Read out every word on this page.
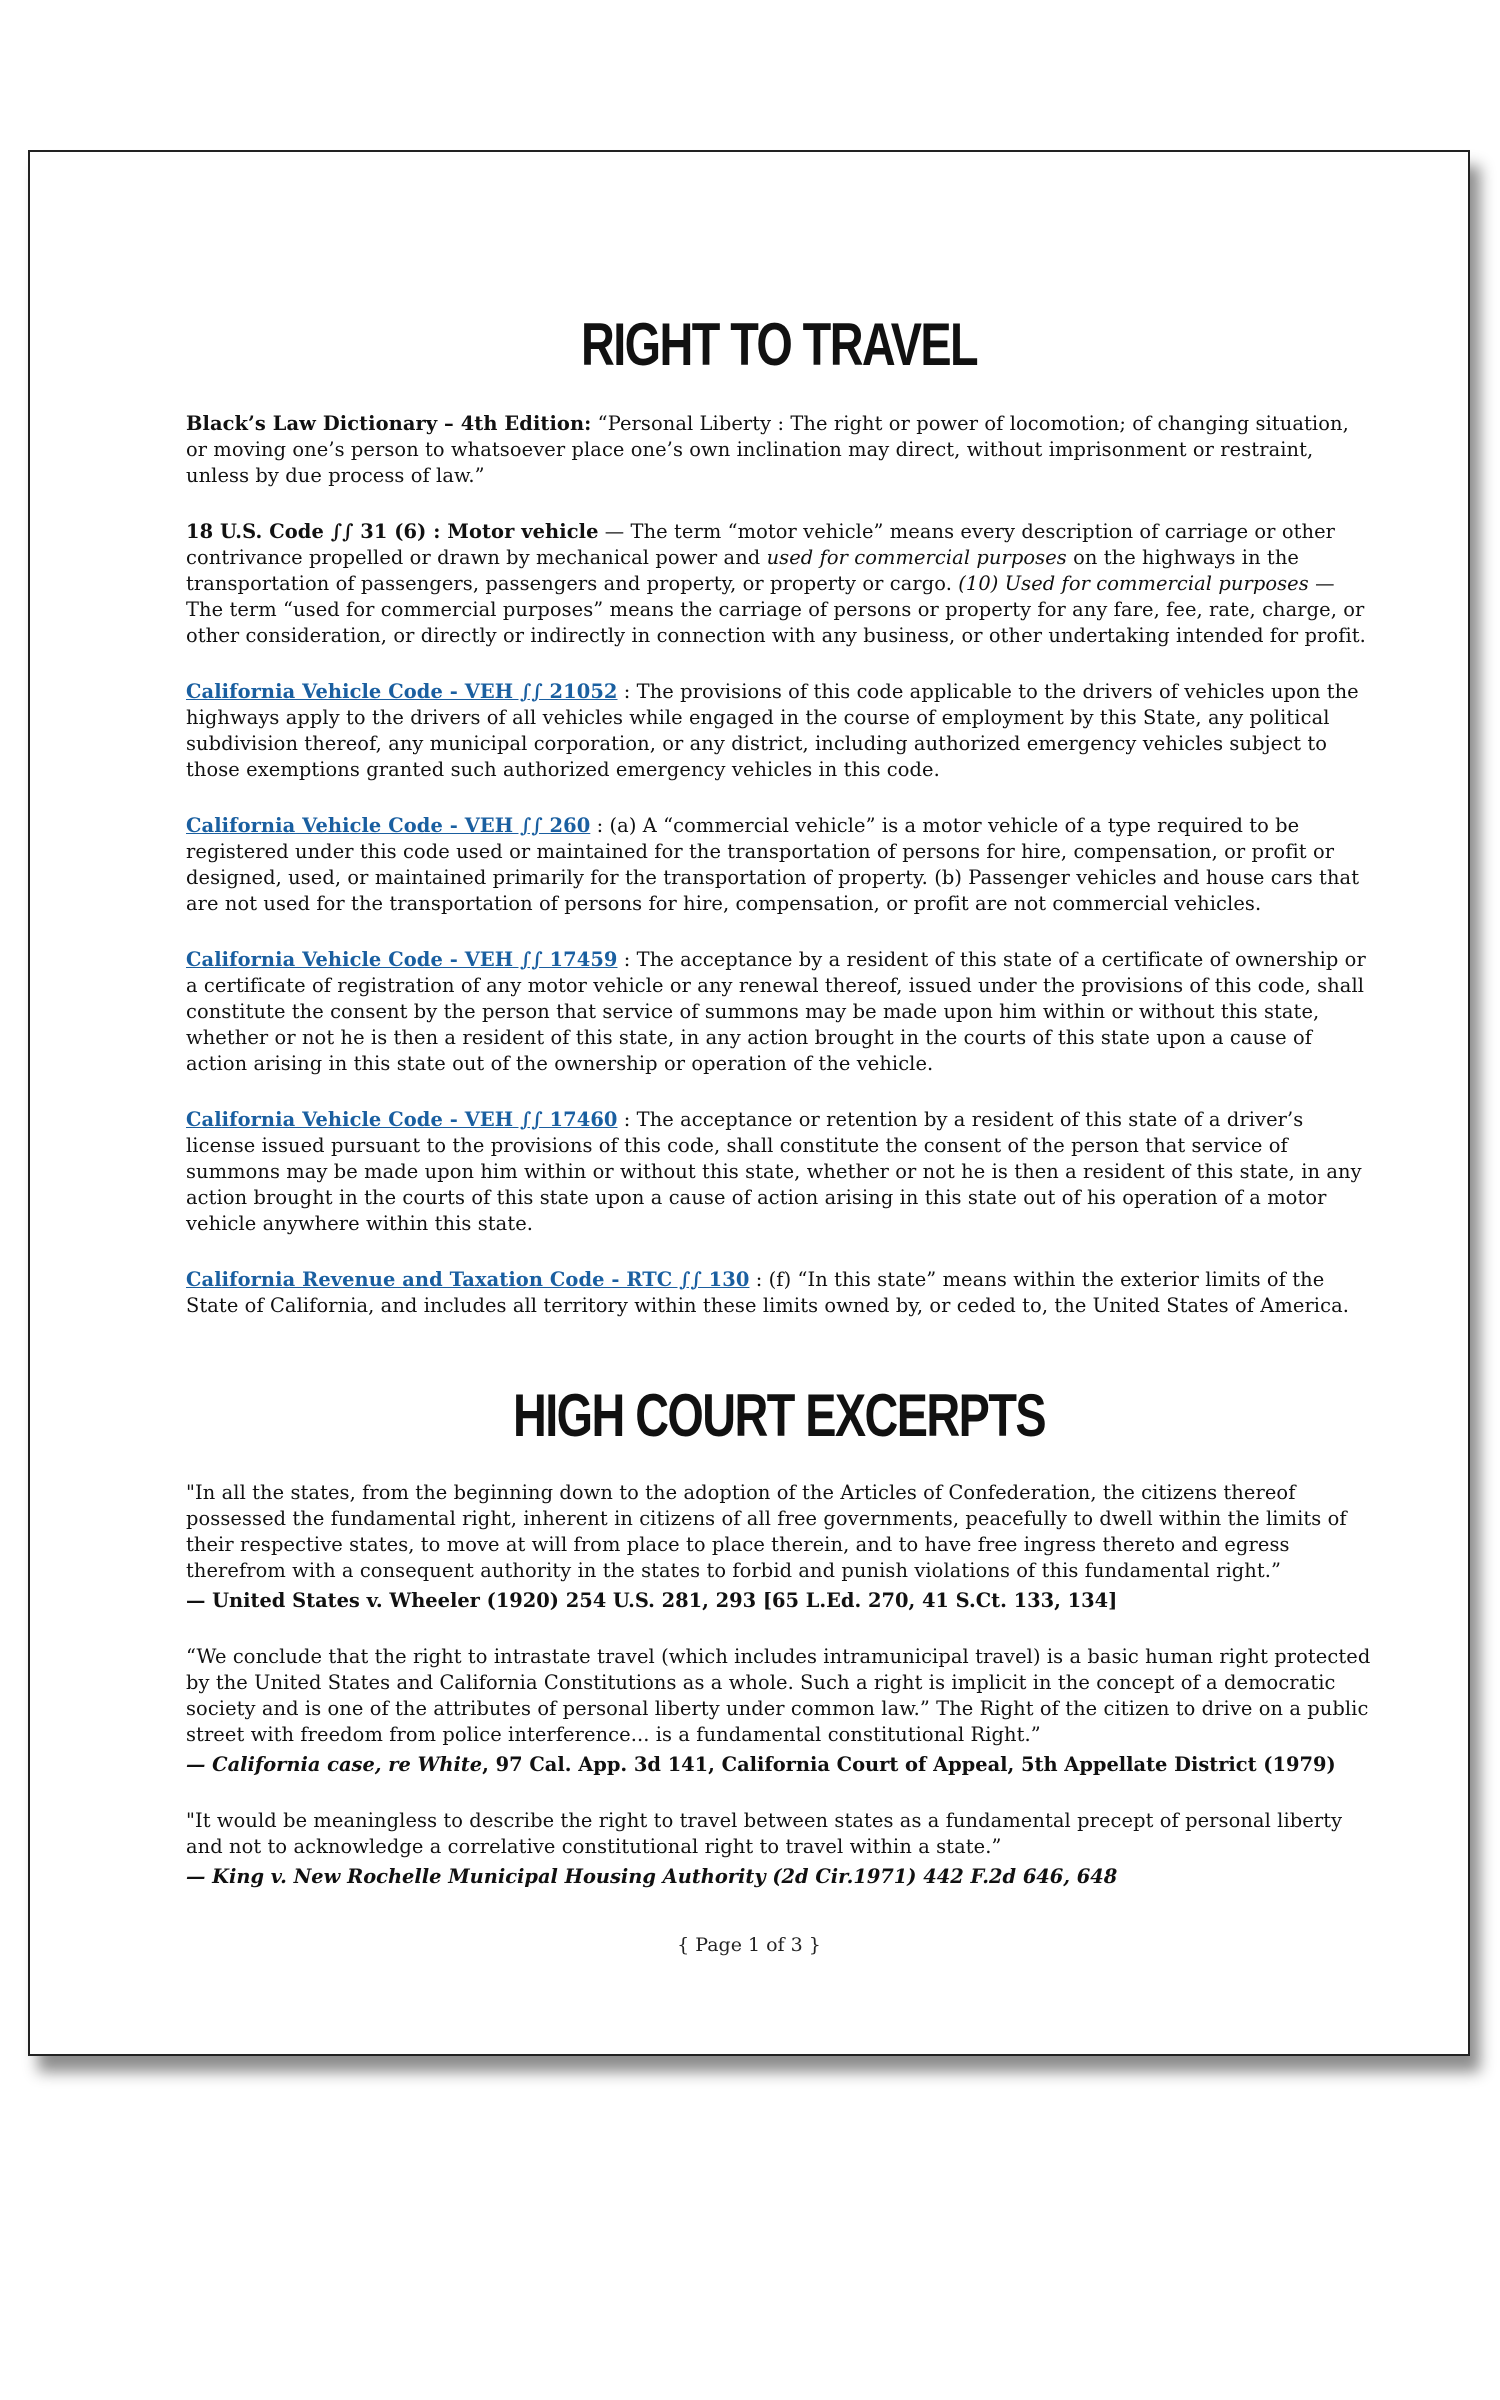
RIGHT TO TRAVEL

Black’s Law Dictionary – 4th Edition: “Personal Liberty : The right or power of locomotion; of changing situation, or moving one’s person to whatsoever place one’s own inclination may direct, without imprisonment or restraint, unless by due process of law.”

18 U.S. Code ∫∫ 31 (6) : Motor vehicle — The term “motor vehicle” means every description of carriage or other contrivance propelled or drawn by mechanical power and used for commercial purposes on the highways in the transportation of passengers, passengers and property, or property or cargo. (10) Used for commercial purposes — The term “used for commercial purposes” means the carriage of persons or property for any fare, fee, rate, charge, or other consideration, or directly or indirectly in connection with any business, or other undertaking intended for profit.

California Vehicle Code - VEH ∫∫ 21052 : The provisions of this code applicable to the drivers of vehicles upon the highways apply to the drivers of all vehicles while engaged in the course of employment by this State, any political subdivision thereof, any municipal corporation, or any district, including authorized emergency vehicles subject to those exemptions granted such authorized emergency vehicles in this code.

California Vehicle Code - VEH ∫∫ 260 : (a) A “commercial vehicle” is a motor vehicle of a type required to be registered under this code used or maintained for the transportation of persons for hire, compensation, or profit or designed, used, or maintained primarily for the transportation of property. (b) Passenger vehicles and house cars that are not used for the transportation of persons for hire, compensation, or profit are not commercial vehicles.

California Vehicle Code - VEH ∫∫ 17459 : The acceptance by a resident of this state of a certificate of ownership or a certificate of registration of any motor vehicle or any renewal thereof, issued under the provisions of this code, shall constitute the consent by the person that service of summons may be made upon him within or without this state, whether or not he is then a resident of this state, in any action brought in the courts of this state upon a cause of action arising in this state out of the ownership or operation of the vehicle.

California Vehicle Code - VEH ∫∫ 17460 : The acceptance or retention by a resident of this state of a driver’s license issued pursuant to the provisions of this code, shall constitute the consent of the person that service of summons may be made upon him within or without this state, whether or not he is then a resident of this state, in any action brought in the courts of this state upon a cause of action arising in this state out of his operation of a motor vehicle anywhere within this state.

California Revenue and Taxation Code - RTC ∫∫ 130 : (f) “In this state” means within the exterior limits of the State of California, and includes all territory within these limits owned by, or ceded to, the United States of America.

HIGH COURT EXCERPTS

"In all the states, from the beginning down to the adoption of the Articles of Confederation, the citizens thereof possessed the fundamental right, inherent in citizens of all free governments, peacefully to dwell within the limits of their respective states, to move at will from place to place therein, and to have free ingress thereto and egress therefrom with a consequent authority in the states to forbid and punish violations of this fundamental right.”

— United States v. Wheeler (1920) 254 U.S. 281, 293 [65 L.Ed. 270, 41 S.Ct. 133, 134]

“We conclude that the right to intrastate travel (which includes intramunicipal travel) is a basic human right protected by the United States and California Constitutions as a whole. Such a right is implicit in the concept of a democratic society and is one of the attributes of personal liberty under common law.” The Right of the citizen to drive on a public street with freedom from police interference... is a fundamental constitutional Right.”

— California case, re White, 97 Cal. App. 3d 141, California Court of Appeal, 5th Appellate District (1979)

"It would be meaningless to describe the right to travel between states as a fundamental precept of personal liberty and not to acknowledge a correlative constitutional right to travel within a state.”

— King v. New Rochelle Municipal Housing Authority (2d Cir.1971) 442 F.2d 646, 648
{ Page 1 of 3 }
